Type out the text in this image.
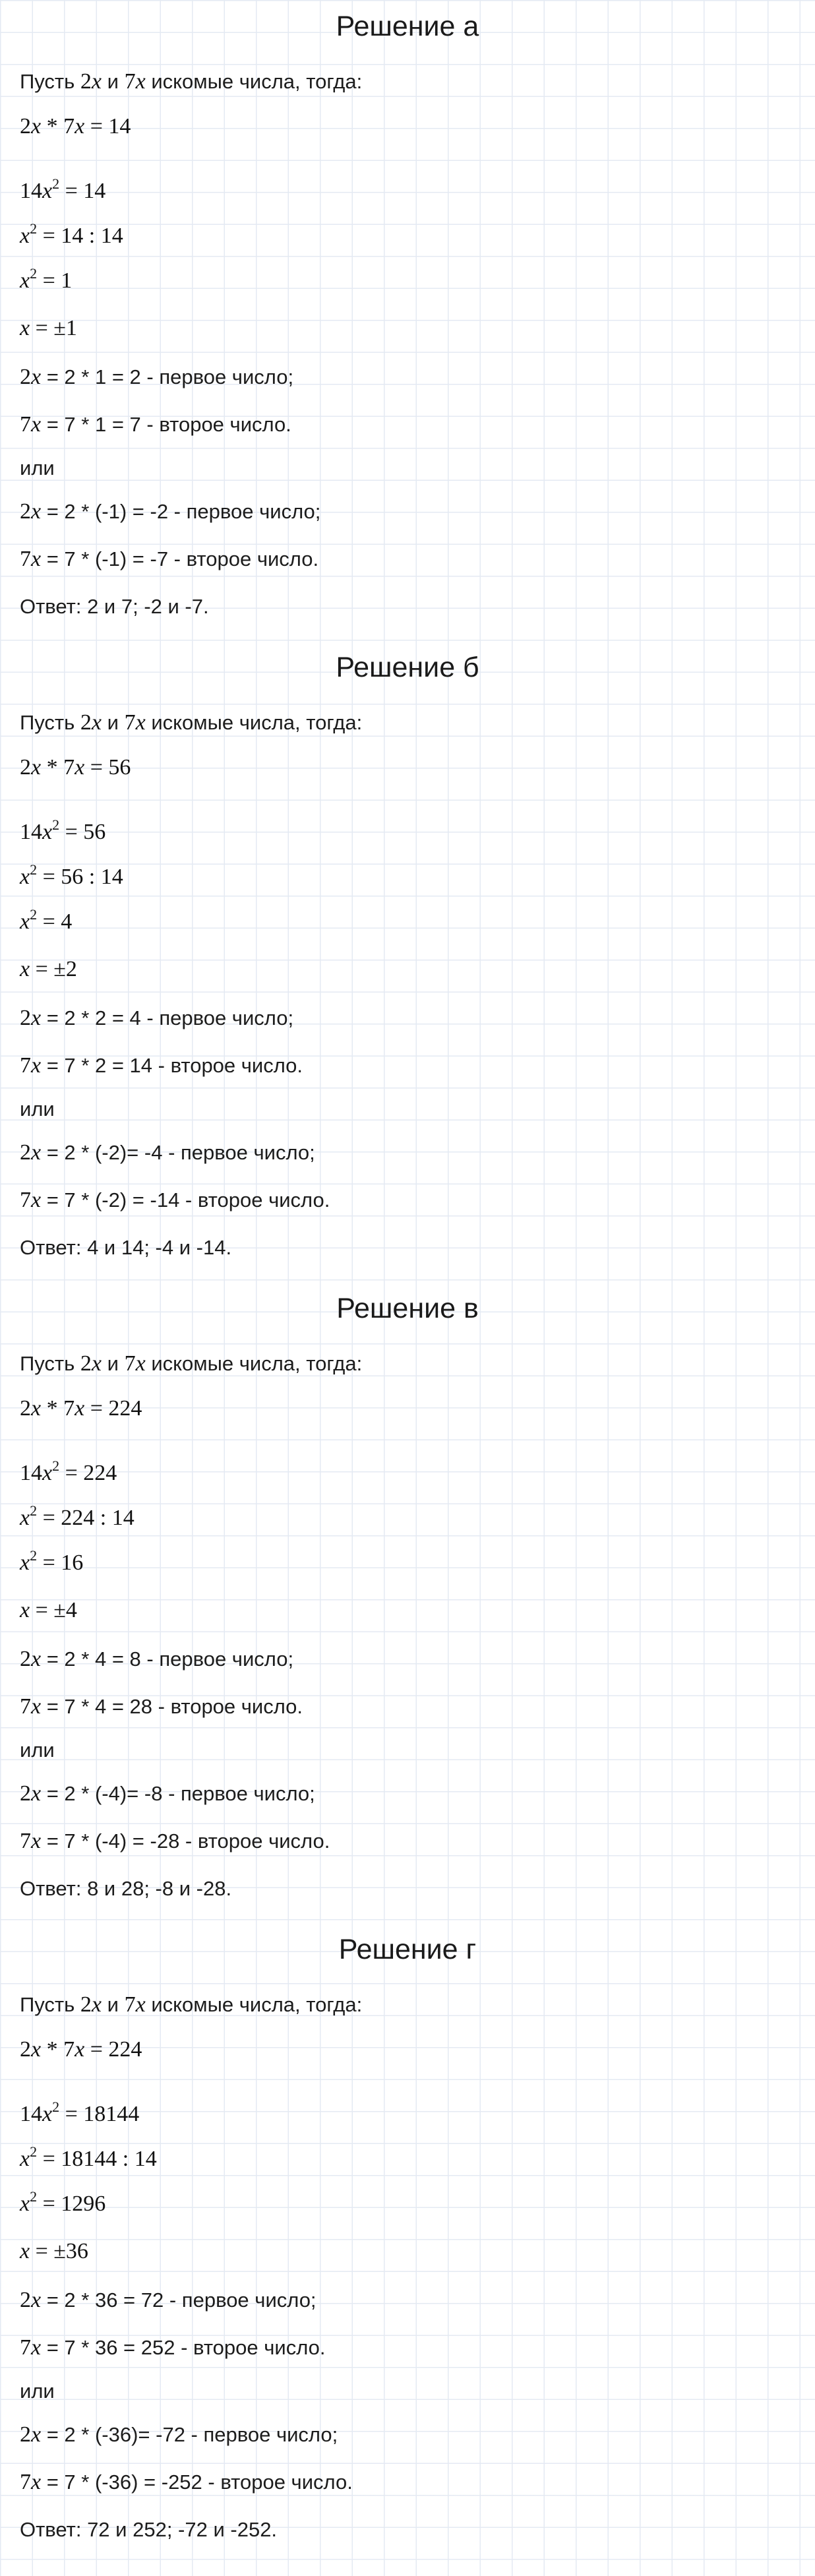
Решение а
Пусть 2x и 7x искомые числа, тогда:
2x * 7x = 14
$14x^2 = 14$
$x^2 = 14$ : 14
$x^2 = 1$
x = ±1
2x = 2 * 1 = 2 - первое число;
7x = 7 * 1 = 7 - второе число.
или
2x = 2 * (-1) = -2 - первое число;
7x = 7 * (-1) = -7 - второе число.
Ответ: 2 и 7; -2 и -7.
Решение б
Пусть 2x и 7x искомые числа, тогда:
2x * 7x = 56
$14x^2 = 56$
$x^2 = 56$ : 14
$x^2 = 4$
x = ±2
2x = 2 * 2 = 4 - первое число;
7x = 7 * 2 = 14 - второе число.
или
2x = 2 * (-2)= -4 - первое число;
7x = 7 * (-2) = -14 - второе число.
Ответ: 4 и 14; -4 и -14.
Решение в
Пусть 2x и 7x искомые числа, тогда:
2x * 7x = 224
$14x^2 = 224$
$x^2 = 224$ : 14
$x^2 = 16$
x = ±4
2x = 2 * 4 = 8 - первое число;
7x = 7 * 4 = 28 - второе число.
или
2x = 2 * (-4)= -8 - первое число;
7x = 7 * (-4) = -28 - второе число.
Ответ: 8 и 28; -8 и -28.
Решение г
Пусть 2x и 7x искомые числа, тогда:
2x * 7x = 224
$14x^2 = 18144$
$x^2 = 18144$ : 14
$x^2 = 1296$
x = ±36
2x = 2 * 36 = 72 - первое число;
7x = 7 * 36 = 252 - второе число.
или
2x = 2 * (-36)= -72 - первое число;
7x = 7 * (-36) = -252 - второе число.
Ответ: 72 и 252; -72 и -252.
